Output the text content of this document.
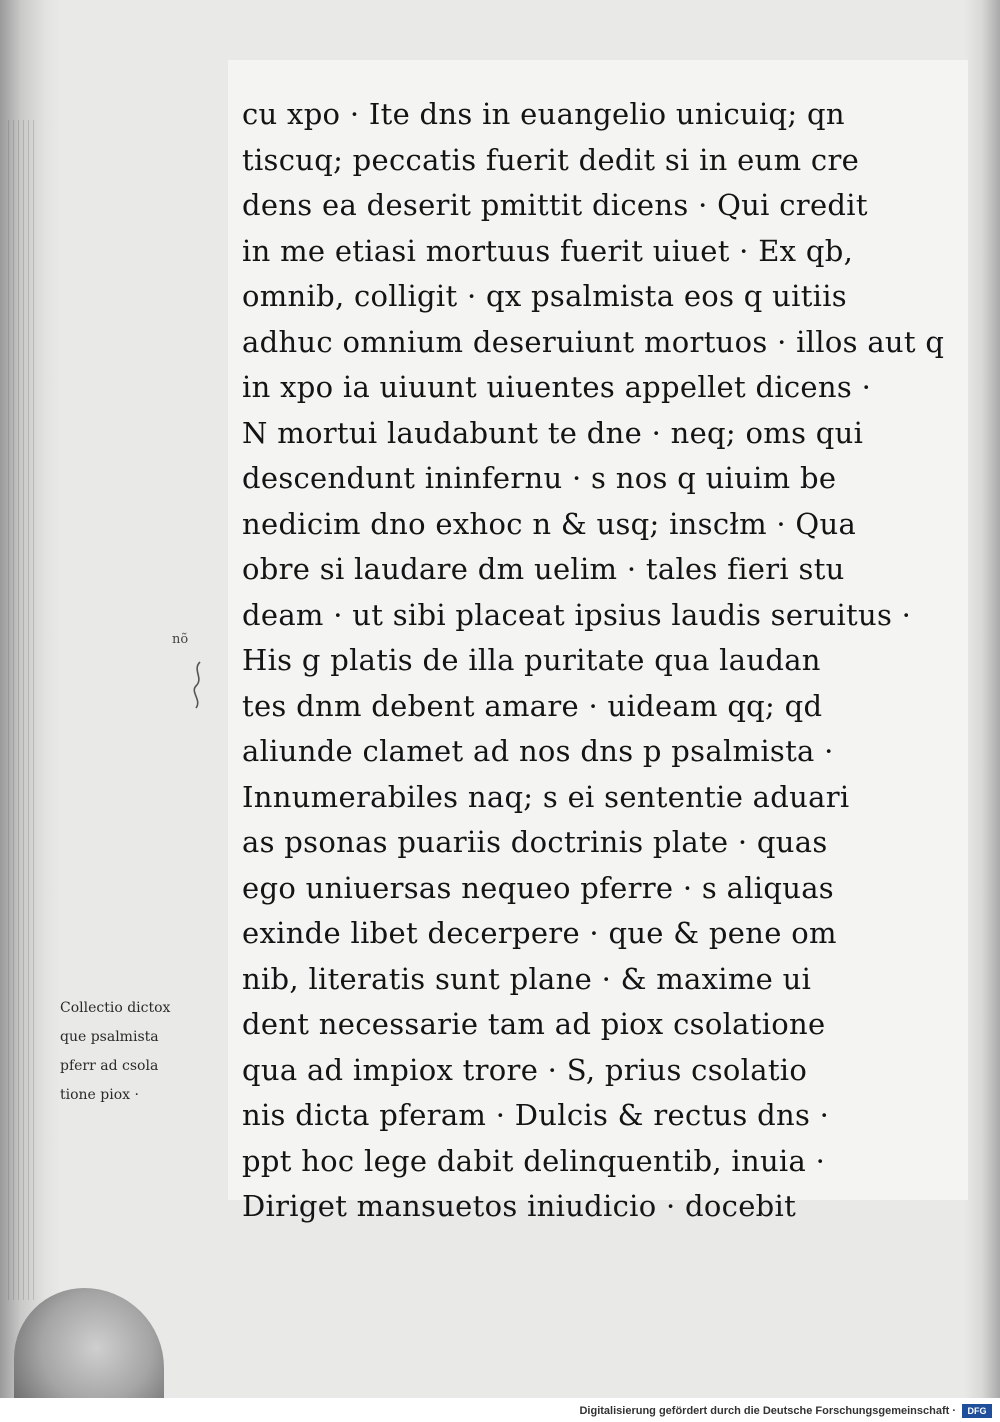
cu xpo · Ite dns in euangelio unicuiq; qn
tiscuq; peccatis fuerit dedit si in eum cre
dens ea deserit pmittit dicens · Qui credit
in me etiasi mortuus fuerit uiuet · Ex qb,
omnib, colligit · qx psalmista eos q uitiis
adhuc omnium deseruiunt mortuos · illos aut q
in xpo ia uiuunt uiuentes appellet dicens ·
N mortui laudabunt te dne · neq; oms qui
descendunt ininfernu · s nos q uiuim be
nedicim dno exhoc n & usq; inscłm · Qua
obre si laudare dm uelim · tales fieri stu
deam · ut sibi placeat ipsius laudis seruitus ·
His g platis de illa puritate qua laudan
tes dnm debent amare · uideam qq; qd
aliunde clamet ad nos dns p psalmista ·
Innumerabiles naq; s ei sententie aduari
as psonas puariis doctrinis plate · quas
ego uniuersas nequeo pferre · s aliquas
exinde libet decerpere · que & pene om
nib, literatis sunt plane · & maxime ui
dent necessarie tam ad piox csolatione
qua ad impiox trore · S, prius csolatio
nis dicta pferam · Dulcis & rectus dns ·
ppt hoc lege dabit delinquentib, inuia ·
Diriget mansuetos iniudicio · docebit
nõ
Collectio dictox
que psalmista
pferr ad csola
tione piox ·
Digitalisierung gefördert durch die Deutsche Forschungsgemeinschaft ·	DFG
